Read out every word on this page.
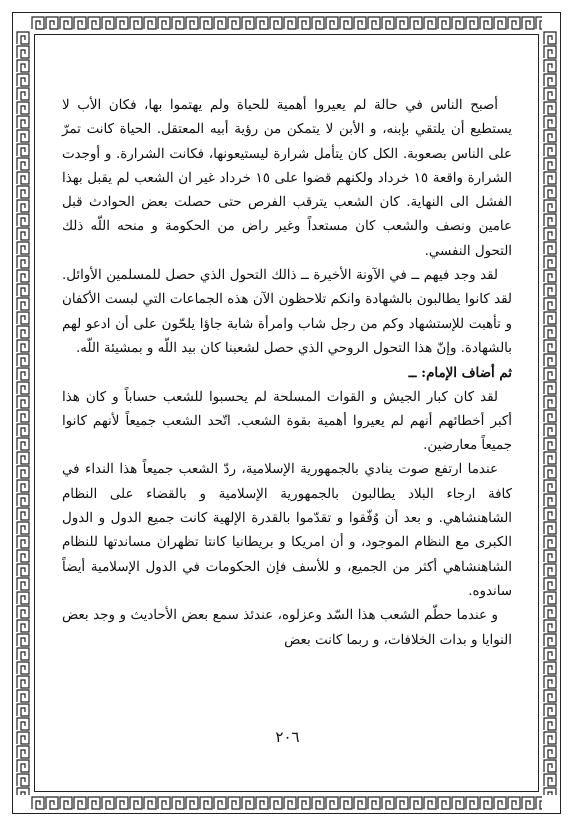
أصبح الناس في حالة لم يعيروا أهمية للحياة ولم يهتموا بها، فكان الأب لا يستطيع أن يلتقي بإبنه، و الأبن لا يتمكن من رؤية أبيه المعتقل. الحياة كانت تمرّ على الناس بصعوبة. الكل كان يتأمل شرارة ليستيعونها، فكانت الشرارة. و أوجدت الشرارة واقعة ١٥ خرداد ولكنهم قضوا على ١٥ خرداد غير ان الشعب لم يقبل بهذا الفشل الى النهاية. كان الشعب يترقب الفرص حتى حصلت بعض الحوادث قبل عامين ونصف والشعب كان مستعداً وغير راض من الحكومة و منحه اللّه ذلك التحول النفسي.

لقد وجد فيهم ــ في الآونة الأخيرة ــ ذالك التحول الذي حصل للمسلمين الأوائل. لقد كانوا يطالبون بالشهادة وانكم تلاحظون الآن هذه الجماعات التي لبست الأكفان و تأهبت للإستشهاد وكم من رجل شاب وامرأة شابة جاؤا يلحّون على أن ادعو لهم بالشهادة. وإنّ هذا التحول الروحي الذي حصل لشعبنا كان بيد اللّه و بمشيئة اللّه.

ثم أضاف الإمام: ــ

لقد كان كبار الجيش و القوات المسلحة لم يحسبوا للشعب حساباً و كان هذا أكبر أخطائهم أنهم لم يعيروا أهمية بقوة الشعب. اتّحد الشعب جميعاً لأنهم كانوا جميعاً معارضين.

عندما ارتفع صوت ينادي بالجمهورية الإسلامية، ردّ الشعب جميعاً هذا النداء في كافة ارجاء البلاد يطالبون بالجمهورية الإسلامية و بالقضاء على النظام الشاهنشاهي. و بعد أن وُفّقوا و تقدّموا بالقدرة الإلهية كانت جميع الدول و الدول الكبرى مع النظام الموجود، و أن امريكا و بريطانيا كانتا تظهران مساندتها للنظام الشاهنشاهي أكثر من الجميع، و للأسف فإن الحكومات في الدول الإسلامية أيضاً ساندوه.

و عندما حطّم الشعب هذا السّد وعزلوه، عندئذ سمع بعض الأحاديث و وجد بعض النوايا و بدات الخلافات، و ربما كانت بعض

٢٠٦
